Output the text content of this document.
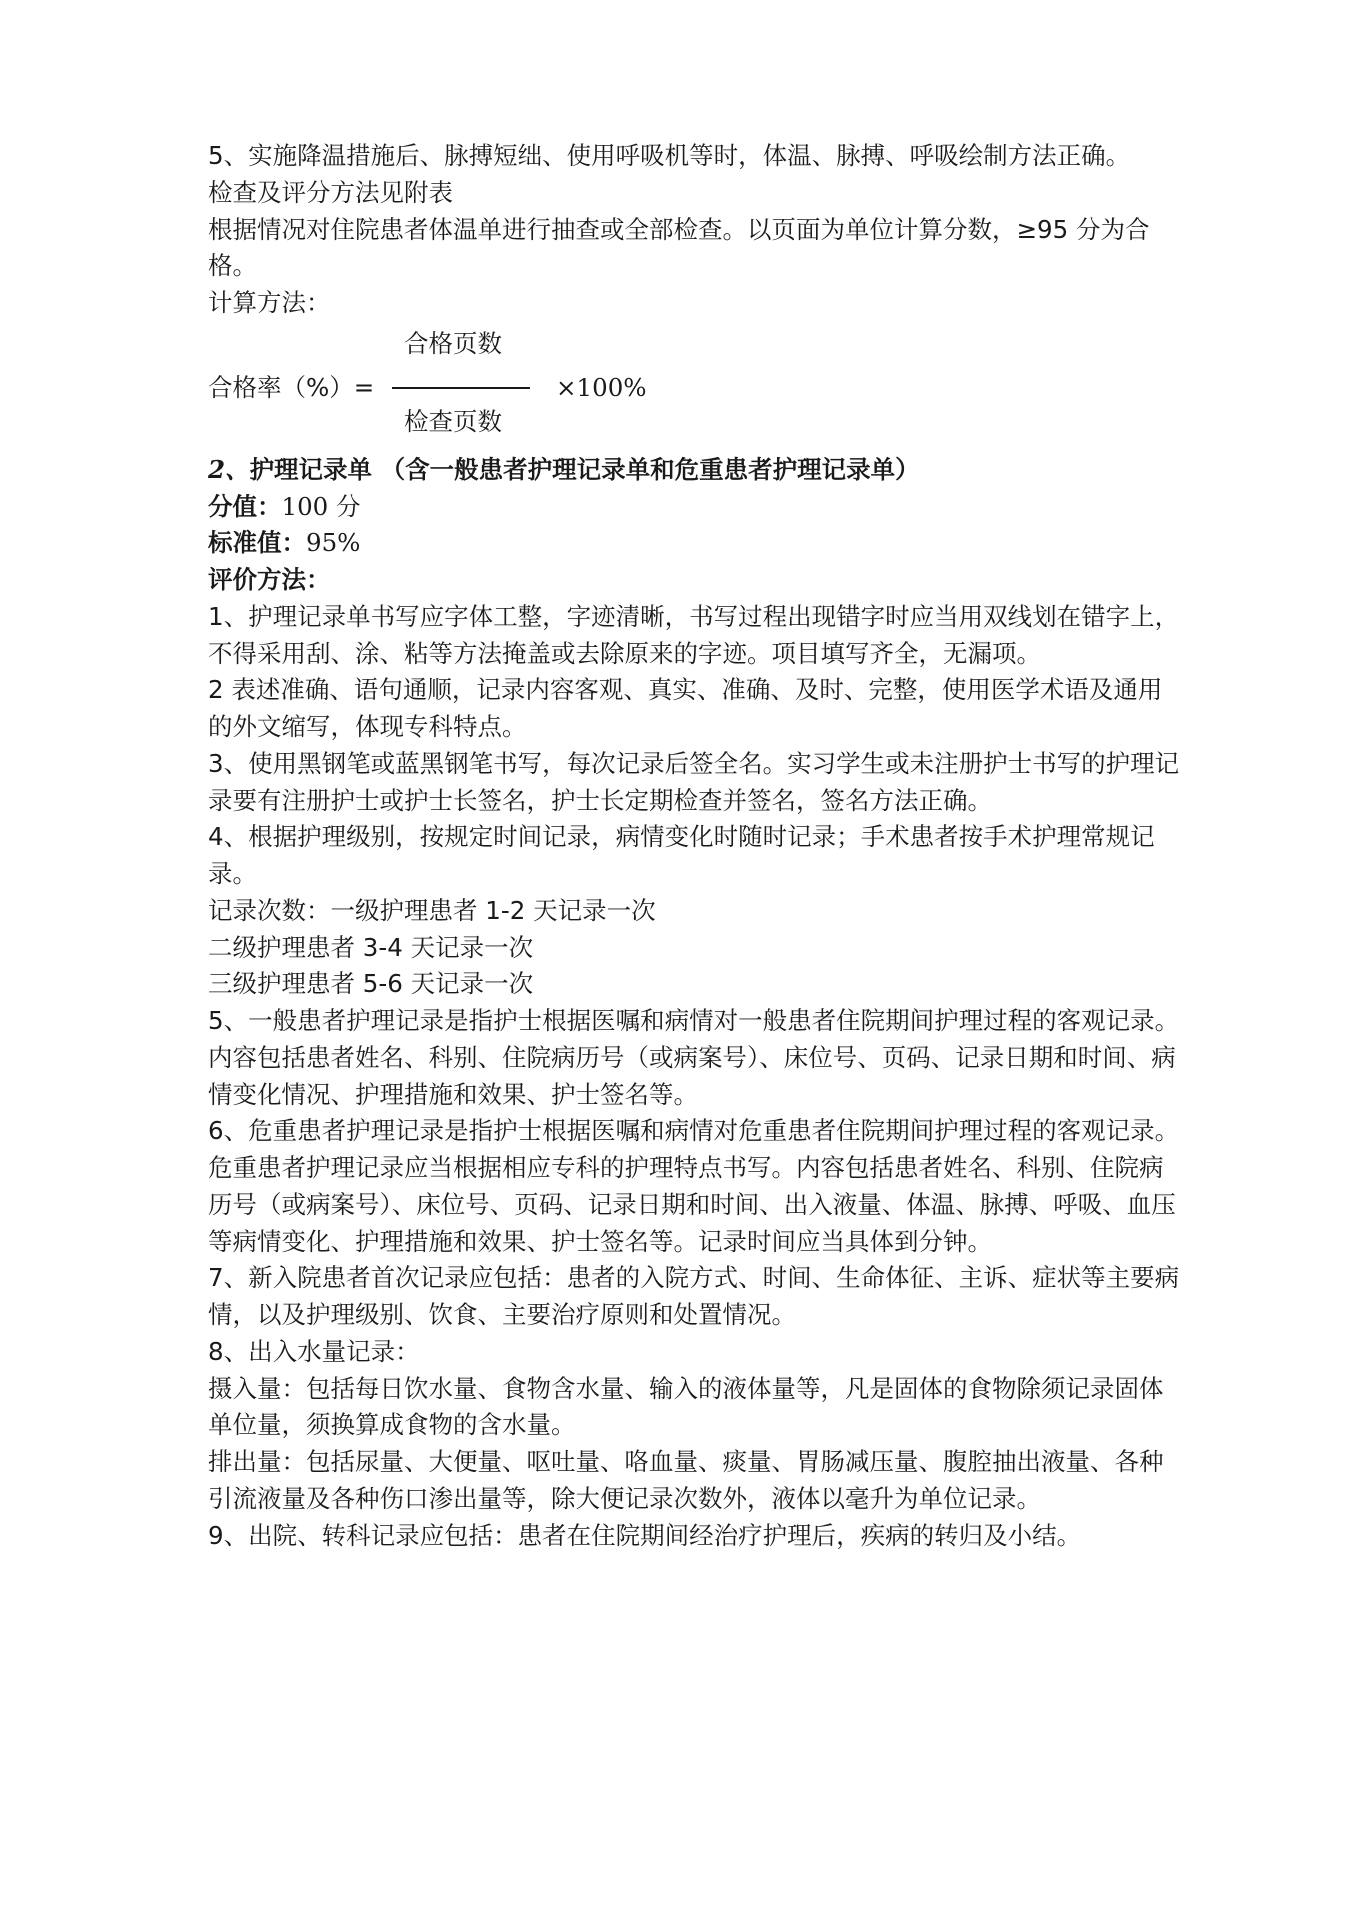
5、实施降温措施后、脉搏短绌、使用呼吸机等时，体温、脉搏、呼吸绘制方法正确。

检查及评分方法见附表

根据情况对住院患者体温单进行抽查或全部检查。以页面为单位计算分数，≥95 分为合格。

计算方法：

合格率（%）=
合格页数
检查页数
×100%

2、护理记录单 （含一般患者护理记录单和危重患者护理记录单）

分值：100 分

标准值：95%

评价方法：

1、护理记录单书写应字体工整，字迹清晰，书写过程出现错字时应当用双线划在错字上，不得采用刮、涂、粘等方法掩盖或去除原来的字迹。项目填写齐全，无漏项。

2 表述准确、语句通顺，记录内容客观、真实、准确、及时、完整，使用医学术语及通用的外文缩写，体现专科特点。

3、使用黑钢笔或蓝黑钢笔书写，每次记录后签全名。实习学生或未注册护士书写的护理记录要有注册护士或护士长签名，护士长定期检查并签名，签名方法正确。

4、根据护理级别，按规定时间记录，病情变化时随时记录；手术患者按手术护理常规记录。

记录次数：一级护理患者 1-2 天记录一次

二级护理患者 3-4 天记录一次

三级护理患者 5-6 天记录一次

5、一般患者护理记录是指护士根据医嘱和病情对一般患者住院期间护理过程的客观记录。内容包括患者姓名、科别、住院病历号（或病案号）、床位号、页码、记录日期和时间、病情变化情况、护理措施和效果、护士签名等。

6、危重患者护理记录是指护士根据医嘱和病情对危重患者住院期间护理过程的客观记录。危重患者护理记录应当根据相应专科的护理特点书写。内容包括患者姓名、科别、住院病历号（或病案号）、床位号、页码、记录日期和时间、出入液量、体温、脉搏、呼吸、血压等病情变化、护理措施和效果、护士签名等。记录时间应当具体到分钟。

7、新入院患者首次记录应包括：患者的入院方式、时间、生命体征、主诉、症状等主要病情，以及护理级别、饮食、主要治疗原则和处置情况。

8、出入水量记录：

摄入量：包括每日饮水量、食物含水量、输入的液体量等，凡是固体的食物除须记录固体单位量，须换算成食物的含水量。

排出量：包括尿量、大便量、呕吐量、咯血量、痰量、胃肠减压量、腹腔抽出液量、各种引流液量及各种伤口渗出量等，除大便记录次数外，液体以毫升为单位记录。

9、出院、转科记录应包括：患者在住院期间经治疗护理后，疾病的转归及小结。
